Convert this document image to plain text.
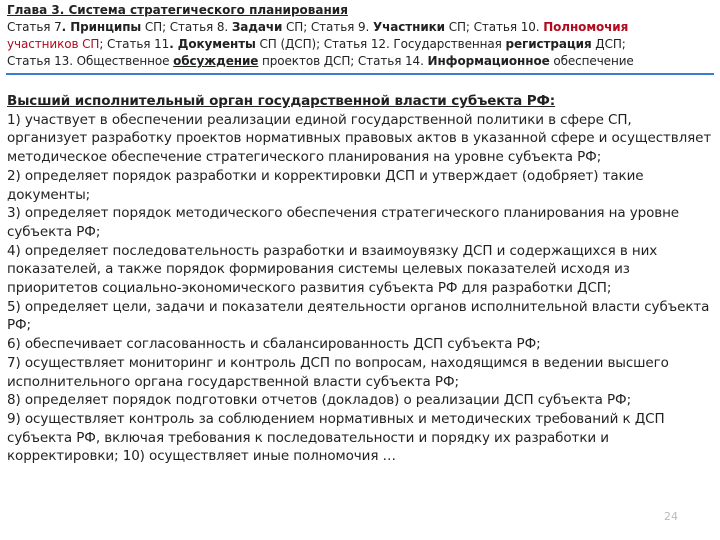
Глава 3. Система стратегического планирования

Статья 7. Принципы СП; Статья 8. Задачи СП; Статья 9. Участники СП; Статья 10. Полномочия

участников СП; Статья 11. Документы СП (ДСП); Статья 12. Государственная регистрация ДСП;

Статья 13. Общественное обсуждение проектов ДСП; Статья 14. Информационное обеспечение

Высший исполнительный орган государственной власти субъекта РФ:

1) участвует в обеспечении реализации единой государственной политики в сфере СП, организует разработку проектов нормативных правовых актов в указанной сфере и осуществляет методическое обеспечение стратегического планирования на уровне субъекта РФ;

2) определяет порядок разработки и корректировки ДСП и утверждает (одобряет) такие документы;

3) определяет порядок методического обеспечения стратегического планирования на уровне субъекта РФ;

4) определяет последовательность разработки и взаимоувязку ДСП и содержащихся в них показателей, а также порядок формирования системы целевых показателей исходя из приоритетов социально-экономического развития субъекта РФ для разработки ДСП;

5) определяет цели, задачи и показатели деятельности органов исполнительной власти субъекта РФ;

6) обеспечивает согласованность и сбалансированность ДСП субъекта РФ;

7) осуществляет мониторинг и контроль ДСП по вопросам, находящимся в ведении высшего исполнительного органа государственной власти субъекта РФ;

8) определяет порядок подготовки отчетов (докладов) о реализации ДСП субъекта РФ;

9) осуществляет контроль за соблюдением нормативных и методических требований к ДСП субъекта РФ, включая требования к последовательности и порядку их разработки и корректировки; 10) осуществляет иные полномочия …

24
